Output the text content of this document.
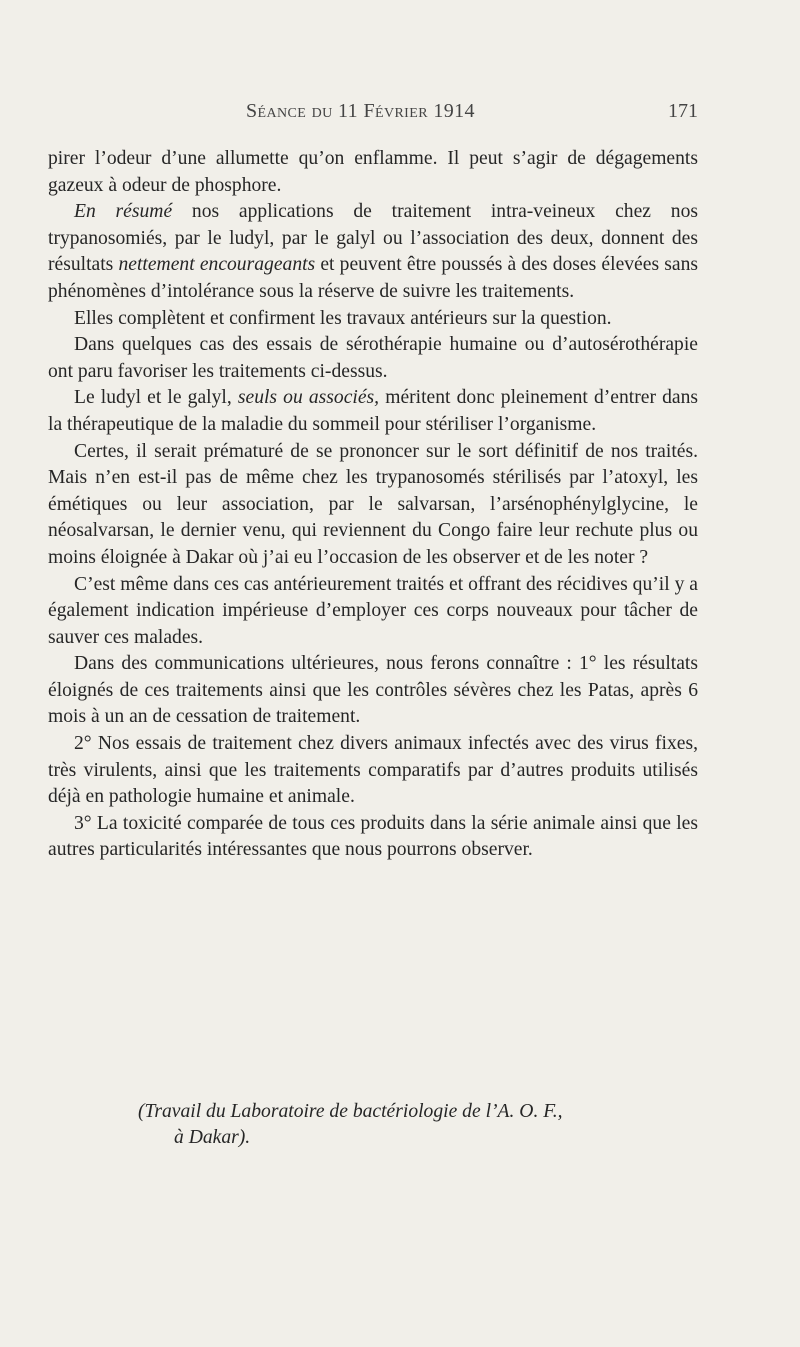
Séance du 11 Février 1914	171

pirer l’odeur d’une allumette qu’on enflamme. Il peut s’agir de dégagements gazeux à odeur de phosphore.

En résumé nos applications de traitement intra-veineux chez nos trypanosomiés, par le ludyl, par le galyl ou l’association des deux, donnent des résultats nettement encourageants et peuvent être poussés à des doses élevées sans phénomènes d’intolérance sous la réserve de suivre les traitements.

Elles complètent et confirment les travaux antérieurs sur la question.

Dans quelques cas des essais de sérothérapie humaine ou d’autosérothérapie ont paru favoriser les traitements ci-dessus.

Le ludyl et le galyl, seuls ou associés, méritent donc pleinement d’entrer dans la thérapeutique de la maladie du sommeil pour stériliser l’organisme.

Certes, il serait prématuré de se prononcer sur le sort définitif de nos traités. Mais n’en est-il pas de même chez les trypanosomés stérilisés par l’atoxyl, les émétiques ou leur association, par le salvarsan, l’arsénophénylglycine, le néosalvarsan, le dernier venu, qui reviennent du Congo faire leur rechute plus ou moins éloignée à Dakar où j’ai eu l’occasion de les observer et de les noter ?

C’est même dans ces cas antérieurement traités et offrant des récidives qu’il y a également indication impérieuse d’employer ces corps nouveaux pour tâcher de sauver ces malades.

Dans des communications ultérieures, nous ferons connaître : 1° les résultats éloignés de ces traitements ainsi que les contrôles sévères chez les Patas, après 6 mois à un an de cessation de traitement.

2° Nos essais de traitement chez divers animaux infectés avec des virus fixes, très virulents, ainsi que les traitements comparatifs par d’autres produits utilisés déjà en pathologie humaine et animale.

3° La toxicité comparée de tous ces produits dans la série animale ainsi que les autres particularités intéressantes que nous pourrons observer.

(Travail du Laboratoire de bactériologie de l’A. O. F.,
à Dakar).
